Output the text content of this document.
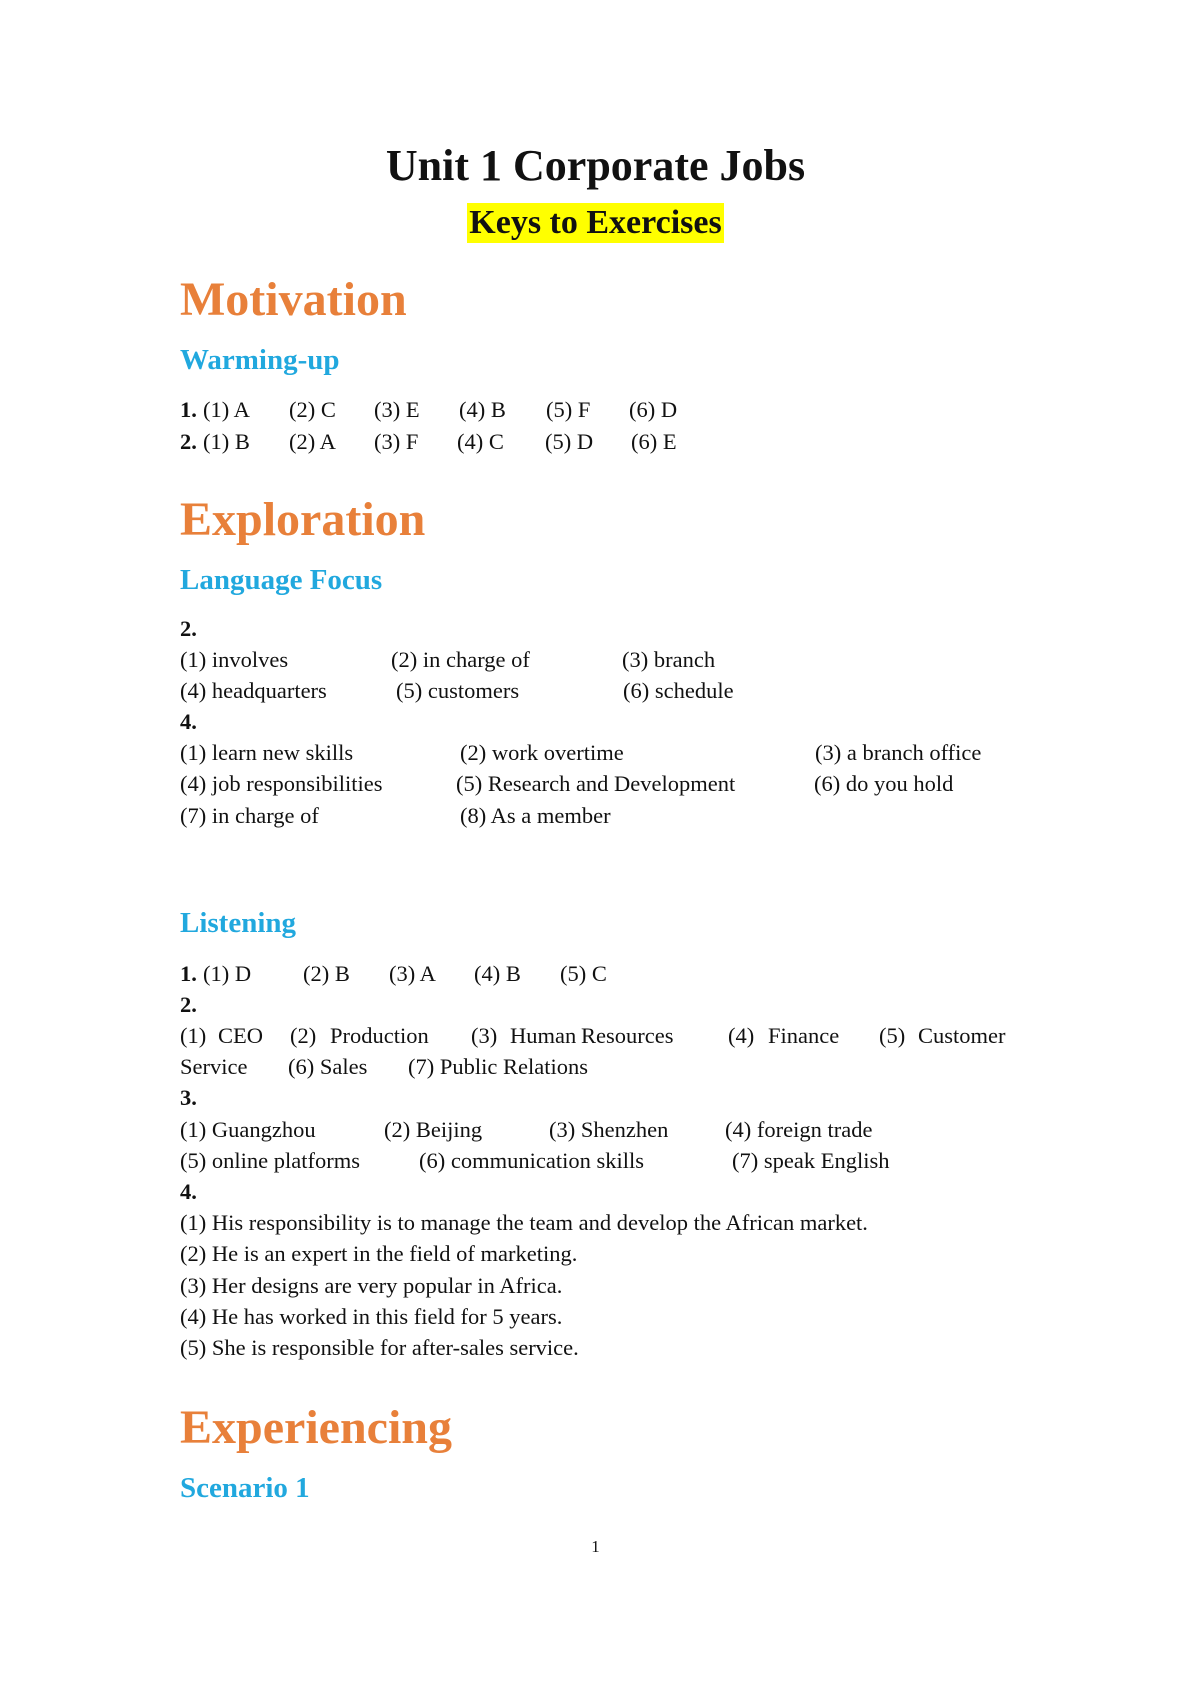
Unit 1 Corporate Jobs
Keys to Exercises
Motivation
Warming-up
1. (1) A (2) C (3) E (4) B (5) F (6) D
2. (1) B (2) A (3) F (4) C (5) D (6) E
Exploration
Language Focus
2.
(1) involves	(2) in charge of	(3) branch
(4) headquarters	(5) customers	(6) schedule
4.
(1) learn new skills	(2) work overtime	(3) a branch office
(4) job responsibilities	(5) Research and Development	(6) do you hold
(7) in charge of	(8) As a member
Listening
1. (1) D (2) B (3) A (4) B (5) C
2.
(1) CEO (2) Production (3) Human Resources (4) Finance (5) Customer
Service (6) Sales (7) Public Relations
3.
(1) Guangzhou	(2) Beijing	(3) Shenzhen	(4) foreign trade
(5) online platforms	(6) communication skills	(7) speak English
4.
(1) His responsibility is to manage the team and develop the African market.
(2) He is an expert in the field of marketing.
(3) Her designs are very popular in Africa.
(4) He has worked in this field for 5 years.
(5) She is responsible for after-sales service.
Experiencing
Scenario 1
1
